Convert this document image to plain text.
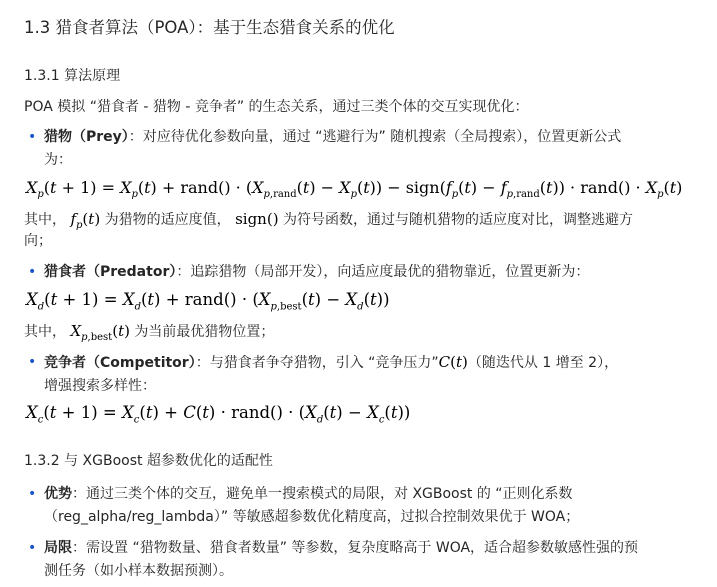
1.3 猎食者算法（POA）：基于生态猎食关系的优化
1.3.1 算法原理
POA 模拟 “猎食者 - 猎物 - 竞争者” 的生态关系，通过三类个体的交互实现优化：
• 猎物（Prey）：对应待优化参数向量，通过 “逃避行为” 随机搜索（全局搜索），位置更新公式
为：
$X_p(t + 1) = X_p(t)$ + rand() · $(X_{p,rand}(t) - X_p(t))$ − $sign(f_p(t) - f_{p,rand}(t))$ · rand() · $X_p(t)$
其中， $f_p(t)$ 为猎物的适应度值， sign() 为符号函数，通过与随机猎物的适应度对比，调整逃避方
向；
• 猎食者（Predator）：追踪猎物（局部开发），向适应度最优的猎物靠近，位置更新为：
$X_d(t + 1) = X_d(t)$ + rand() · $(X_{p,best}(t) - X_d(t))$
其中， $X_{p,best}(t)$ 为当前最优猎物位置；
• 竞争者（Competitor）：与猎食者争夺猎物，引入 “竞争压力”C(t)（随迭代从 1 增至 2），
增强搜索多样性：
$X_c(t + 1) = X_c(t) + C(t)$ · rand() · $(X_d(t) - X_c(t))$
1.3.2 与 XGBoost 超参数优化的适配性
• 优势：通过三类个体的交互，避免单一搜索模式的局限，对 XGBoost 的 “正则化系数
（reg_alpha/reg_lambda）” 等敏感超参数优化精度高，过拟合控制效果优于 WOA；
• 局限：需设置 “猎物数量、猎食者数量” 等参数，复杂度略高于 WOA，适合超参数敏感性强的预
测任务（如小样本数据预测）。
